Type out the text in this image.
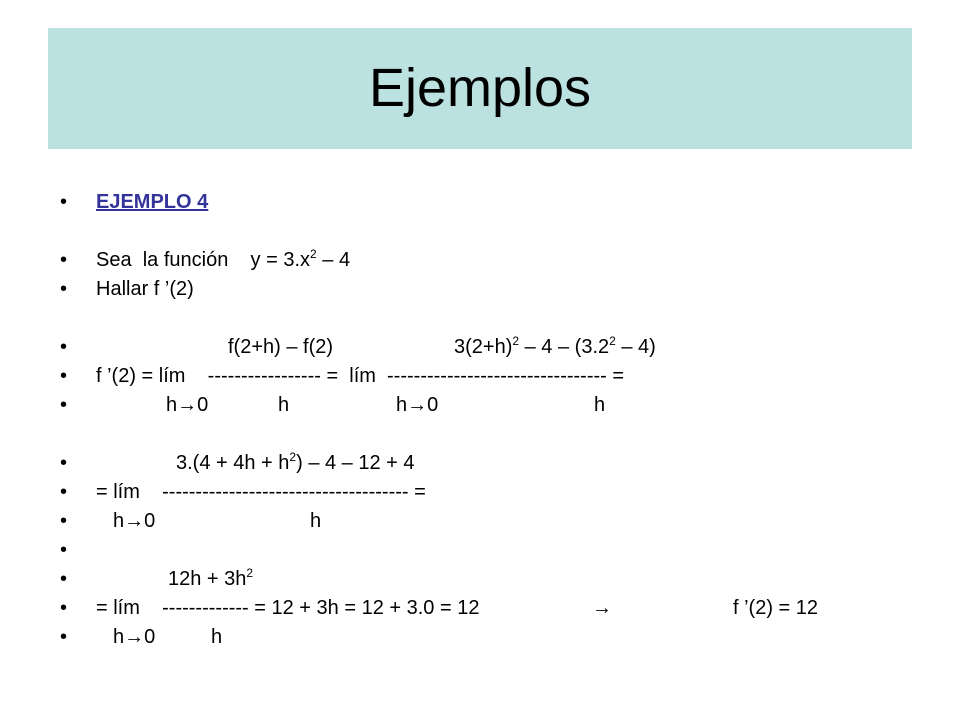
Ejemplos
• EJEMPLO 4
• Sea  la función    $y = 3.x^2 - 4$
• Hallar f ’(2)
•	f(2+h) – f(2)	$3(2+h)^2 - 4 - (3.2^2 - 4)$
• f ’(2) = lím    ----------------- =  lím  --------------------------------- =
•	h→0	h	h→0	h
•	$3.(4 + 4h + h^2) - 4 - 12 + 4$
• = lím    ------------------------------------- =
• h→0	h
•
•	$12h + 3h^2$
• = lím    ------------- = 12 + 3h = 12 + 3.0 = 12	→	f ’(2) = 12
• h→0	h
